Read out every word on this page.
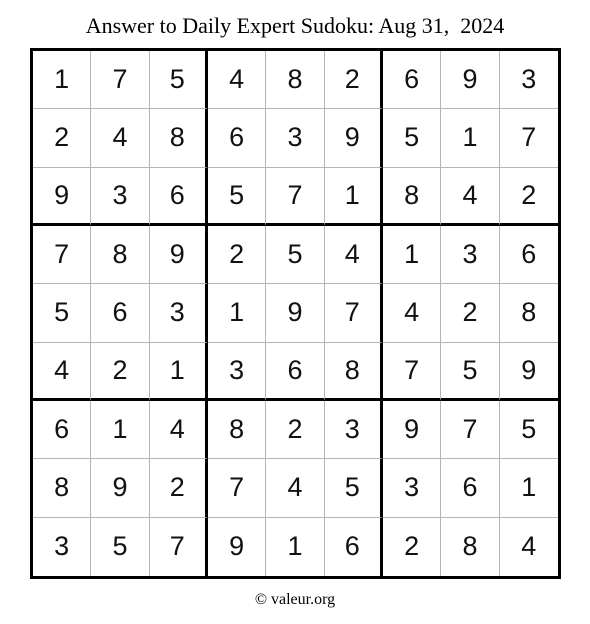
Answer to Daily Expert Sudoku: Aug 31,  2024
1	7	5	4	8	2	6	9	3
2	4	8	6	3	9	5	1	7
9	3	6	5	7	1	8	4	2
7	8	9	2	5	4	1	3	6
5	6	3	1	9	7	4	2	8
4	2	1	3	6	8	7	5	9
6	1	4	8	2	3	9	7	5
8	9	2	7	4	5	3	6	1
3	5	7	9	1	6	2	8	4
© valeur.org
